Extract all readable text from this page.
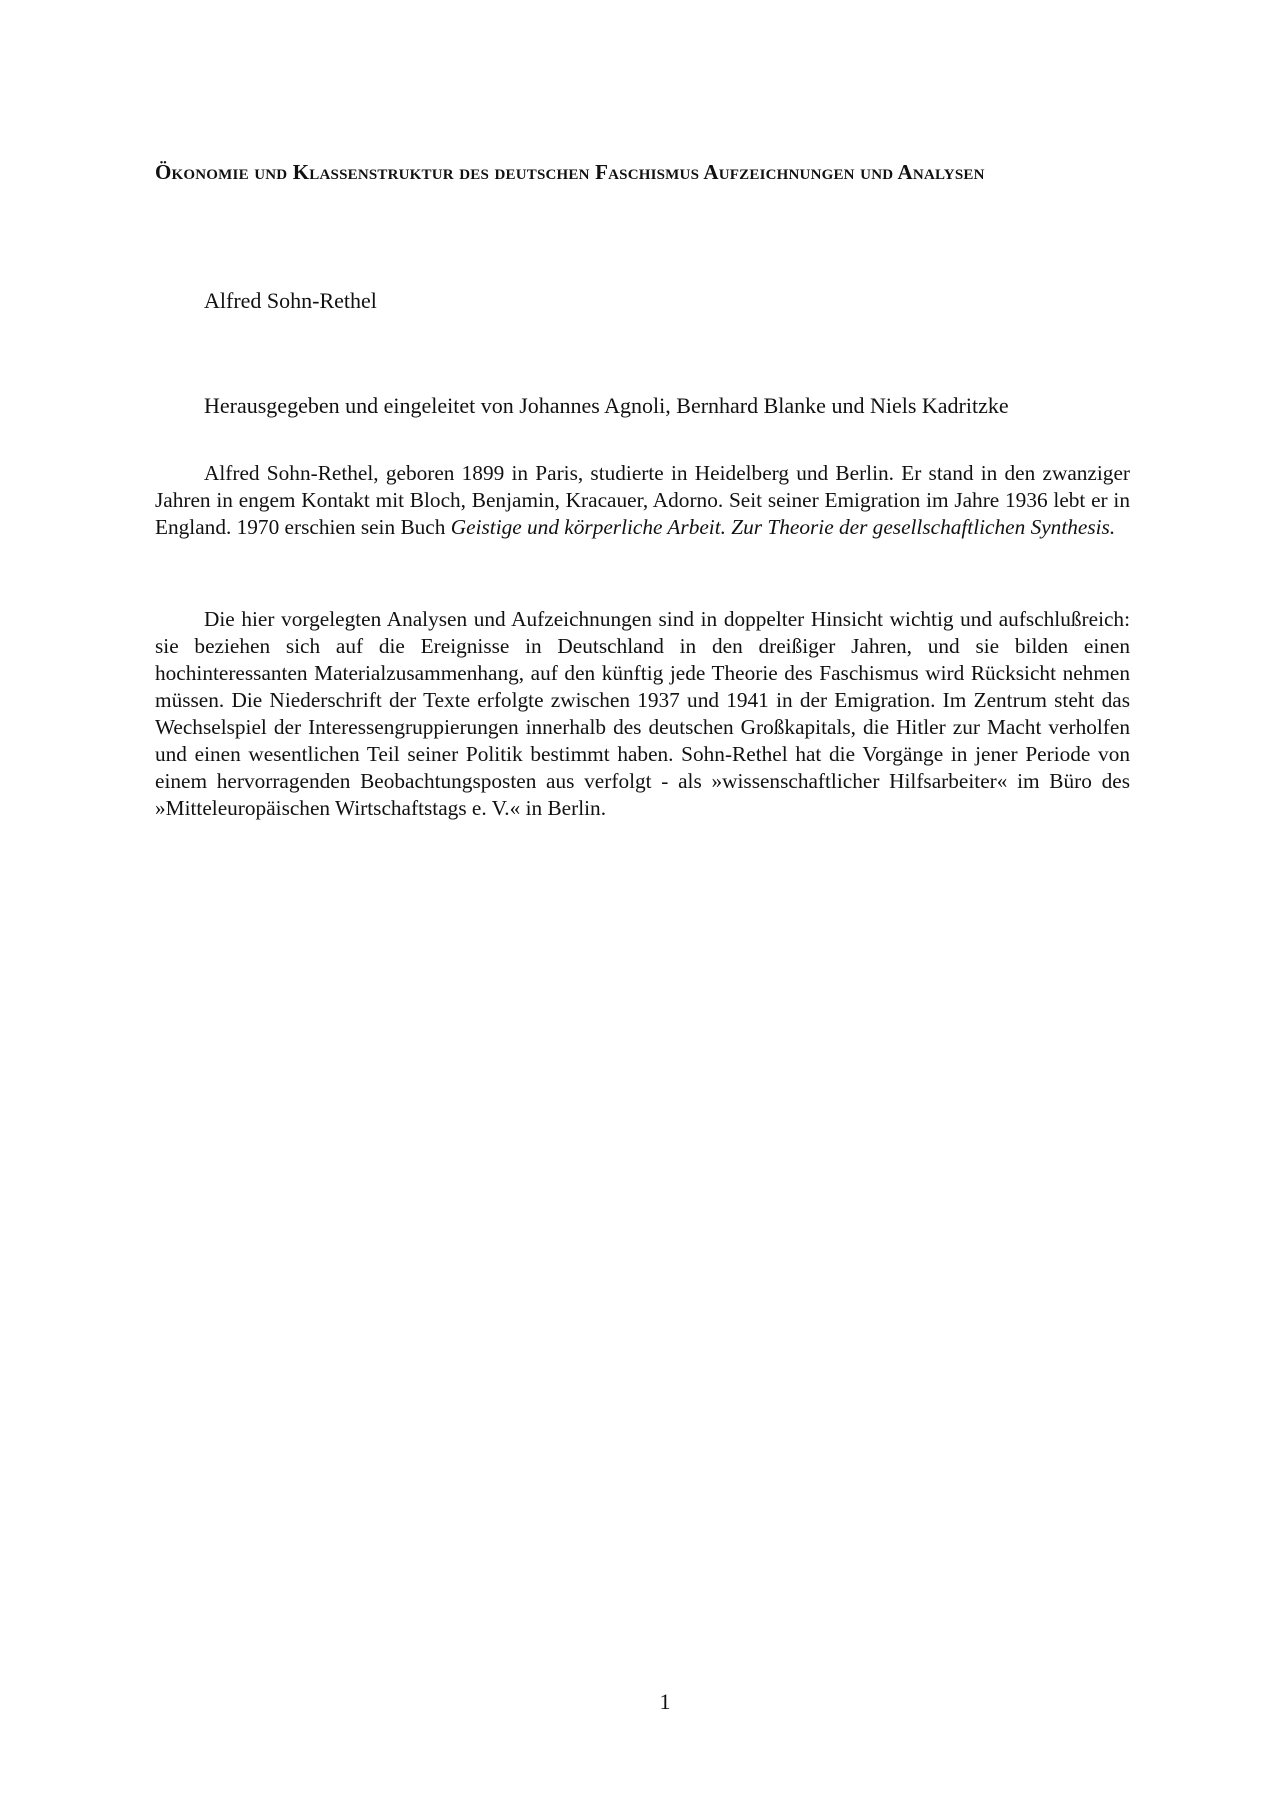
Ökonomie und Klassenstruktur des deutschen Faschismus Aufzeichnungen und Analysen
Alfred Sohn-Rethel
Herausgegeben und eingeleitet von Johannes Agnoli, Bernhard Blanke und Niels Kadritzke

Alfred Sohn-Rethel, geboren 1899 in Paris, studierte in Heidelberg und Berlin. Er stand in den zwanziger Jahren in engem Kontakt mit Bloch, Benjamin, Kracauer, Adorno. Seit seiner Emigration im Jahre 1936 lebt er in England. 1970 erschien sein Buch Geistige und körperliche Arbeit. Zur Theorie der gesellschaftlichen Synthesis.

Die hier vorgelegten Analysen und Aufzeichnungen sind in doppelter Hinsicht wichtig und aufschlußreich: sie beziehen sich auf die Ereignisse in Deutschland in den dreißiger Jahren, und sie bilden einen hochinteressanten Materialzusammenhang, auf den künftig jede Theorie des Faschismus wird Rücksicht nehmen müssen. Die Niederschrift der Texte erfolgte zwischen 1937 und 1941 in der Emigration. Im Zentrum steht das Wechselspiel der Interessengruppierungen innerhalb des deutschen Großkapitals, die Hitler zur Macht verholfen und einen wesentlichen Teil seiner Politik bestimmt haben. Sohn-Rethel hat die Vorgänge in jener Periode von einem hervorragenden Beobachtungsposten aus verfolgt - als »wissenschaftlicher Hilfsarbeiter« im Büro des »Mitteleuropäischen Wirtschaftstags e. V.« in Berlin.

1
